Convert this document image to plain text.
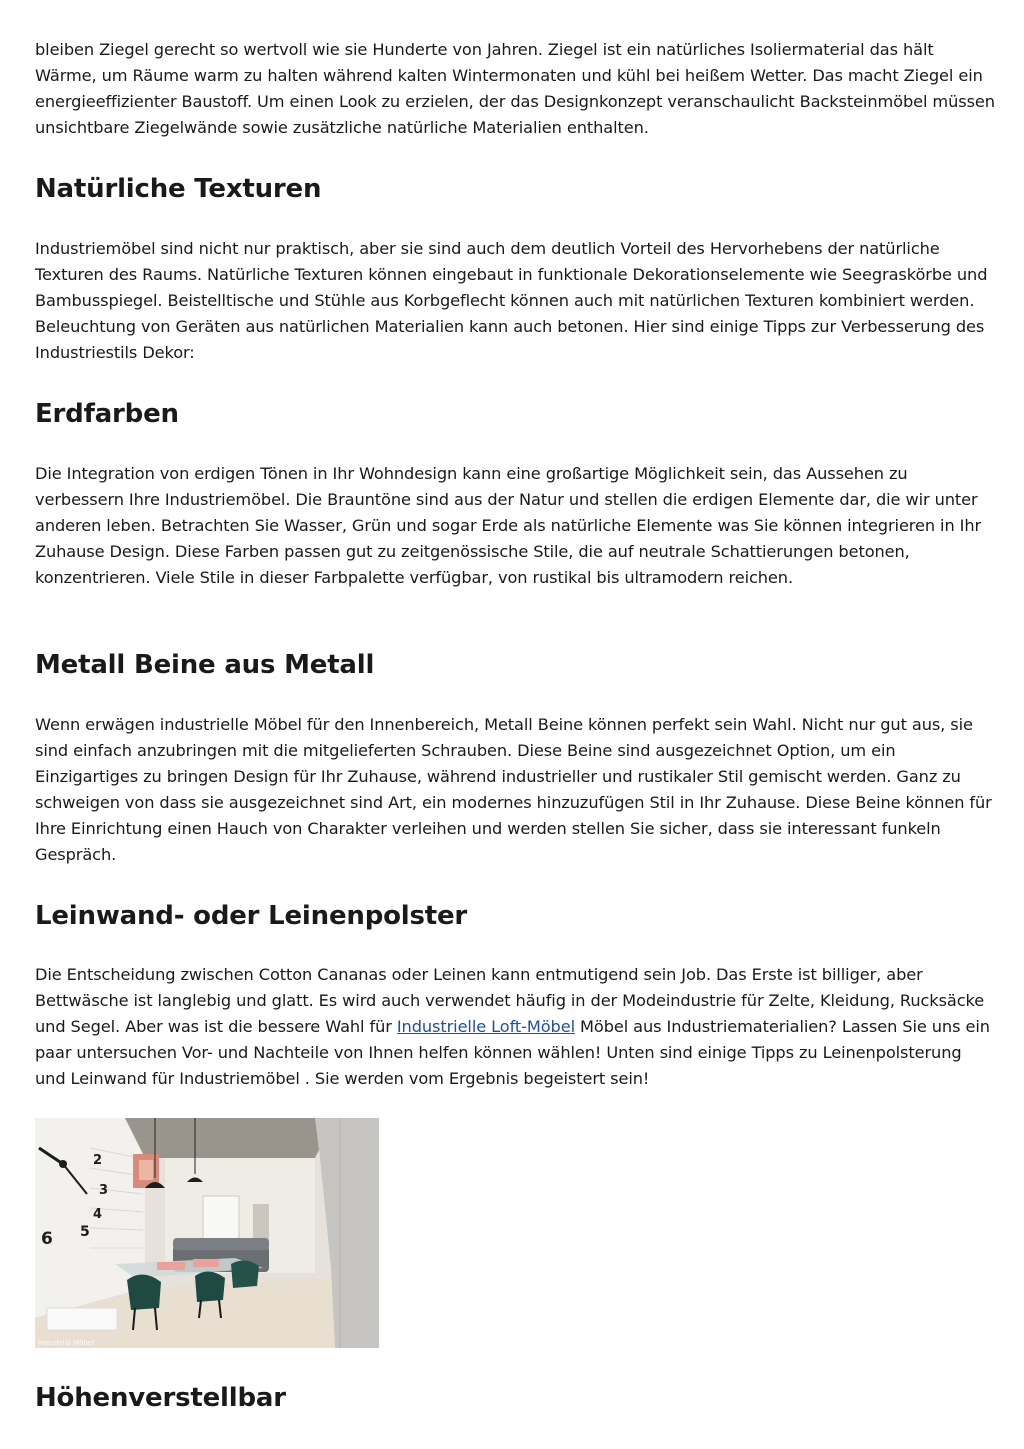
bleiben Ziegel gerecht so wertvoll wie sie Hunderte von Jahren. Ziegel ist ein natürliches Isoliermaterial das hält Wärme, um Räume warm zu halten während kalten Wintermonaten und kühl bei heißem Wetter. Das macht Ziegel ein energieeffizienter Baustoff. Um einen Look zu erzielen, der das Designkonzept veranschaulicht Backsteinmöbel müssen unsichtbare Ziegelwände sowie zusätzliche natürliche Materialien enthalten.

Natürliche Texturen

Industriemöbel sind nicht nur praktisch, aber sie sind auch dem deutlich Vorteil des Hervorhebens der natürliche Texturen des Raums. Natürliche Texturen können eingebaut in funktionale Dekorationselemente wie Seegraskörbe und Bambusspiegel. Beistelltische und Stühle aus Korbgeflecht können auch mit natürlichen Texturen kombiniert werden. Beleuchtung von Geräten aus natürlichen Materialien kann auch betonen. Hier sind einige Tipps zur Verbesserung des Industriestils Dekor:

Erdfarben

Die Integration von erdigen Tönen in Ihr Wohndesign kann eine großartige Möglichkeit sein, das Aussehen zu verbessern Ihre Industriemöbel. Die Brauntöne sind aus der Natur und stellen die erdigen Elemente dar, die wir unter anderen leben. Betrachten Sie Wasser, Grün und sogar Erde als natürliche Elemente was Sie können integrieren in Ihr Zuhause Design. Diese Farben passen gut zu zeitgenössische Stile, die auf neutrale Schattierungen betonen, konzentrieren. Viele Stile in dieser Farbpalette verfügbar, von rustikal bis ultramodern reichen.

Metall Beine aus Metall

Wenn erwägen industrielle Möbel für den Innenbereich, Metall Beine können perfekt sein Wahl. Nicht nur gut aus, sie sind einfach anzubringen mit die mitgelieferten Schrauben. Diese Beine sind ausgezeichnet Option, um ein Einzigartiges zu bringen Design für Ihr Zuhause, während industrieller und rustikaler Stil gemischt werden. Ganz zu schweigen von dass sie ausgezeichnet sind Art, ein modernes hinzuzufügen Stil in Ihr Zuhause. Diese Beine können für Ihre Einrichtung einen Hauch von Charakter verleihen und werden stellen Sie sicher, dass sie interessant funkeln Gespräch.

Leinwand- oder Leinenpolster

Die Entscheidung zwischen Cotton Cananas oder Leinen kann entmutigend sein Job. Das Erste ist billiger, aber Bettwäsche ist langlebig und glatt. Es wird auch verwendet häufig in der Modeindustrie für Zelte, Kleidung, Rucksäcke und Segel. Aber was ist die bessere Wahl für Industrielle Loft-Möbel Möbel aus Industriematerialien? Lassen Sie uns ein paar untersuchen Vor- und Nachteile von Ihnen helfen können wählen! Unten sind einige Tipps zu Leinenpolsterung und Leinwand für Industriemöbel . Sie werden vom Ergebnis begeistert sein!

2
3
4
5
6
Industrial Möbel
Höhenverstellbar
